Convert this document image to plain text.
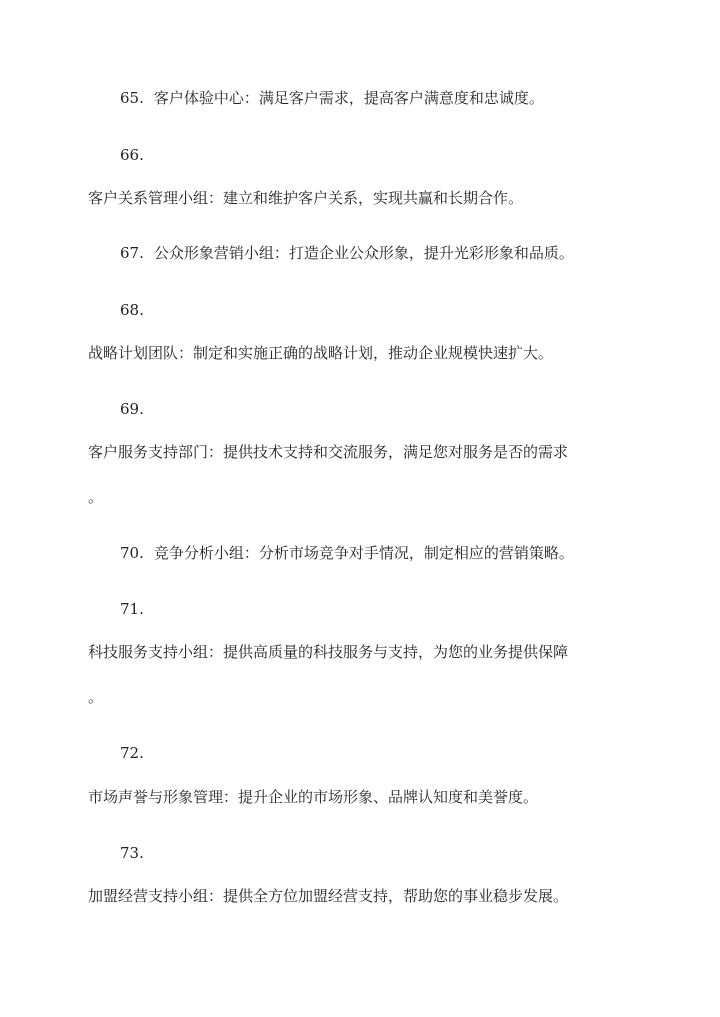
65. 客户体验中心：满足客户需求，提高客户满意度和忠诚度。
66.
客户关系管理小组：建立和维护客户关系，实现共赢和长期合作。
67. 公众形象营销小组：打造企业公众形象，提升光彩形象和品质。
68.
战略计划团队：制定和实施正确的战略计划，推动企业规模快速扩大。
69.
客户服务支持部门：提供技术支持和交流服务，满足您对服务是否的需求
。
70. 竞争分析小组：分析市场竞争对手情况，制定相应的营销策略。
71.
科技服务支持小组：提供高质量的科技服务与支持，为您的业务提供保障
。
72.
市场声誉与形象管理：提升企业的市场形象、品牌认知度和美誉度。
73.
加盟经营支持小组：提供全方位加盟经营支持，帮助您的事业稳步发展。
